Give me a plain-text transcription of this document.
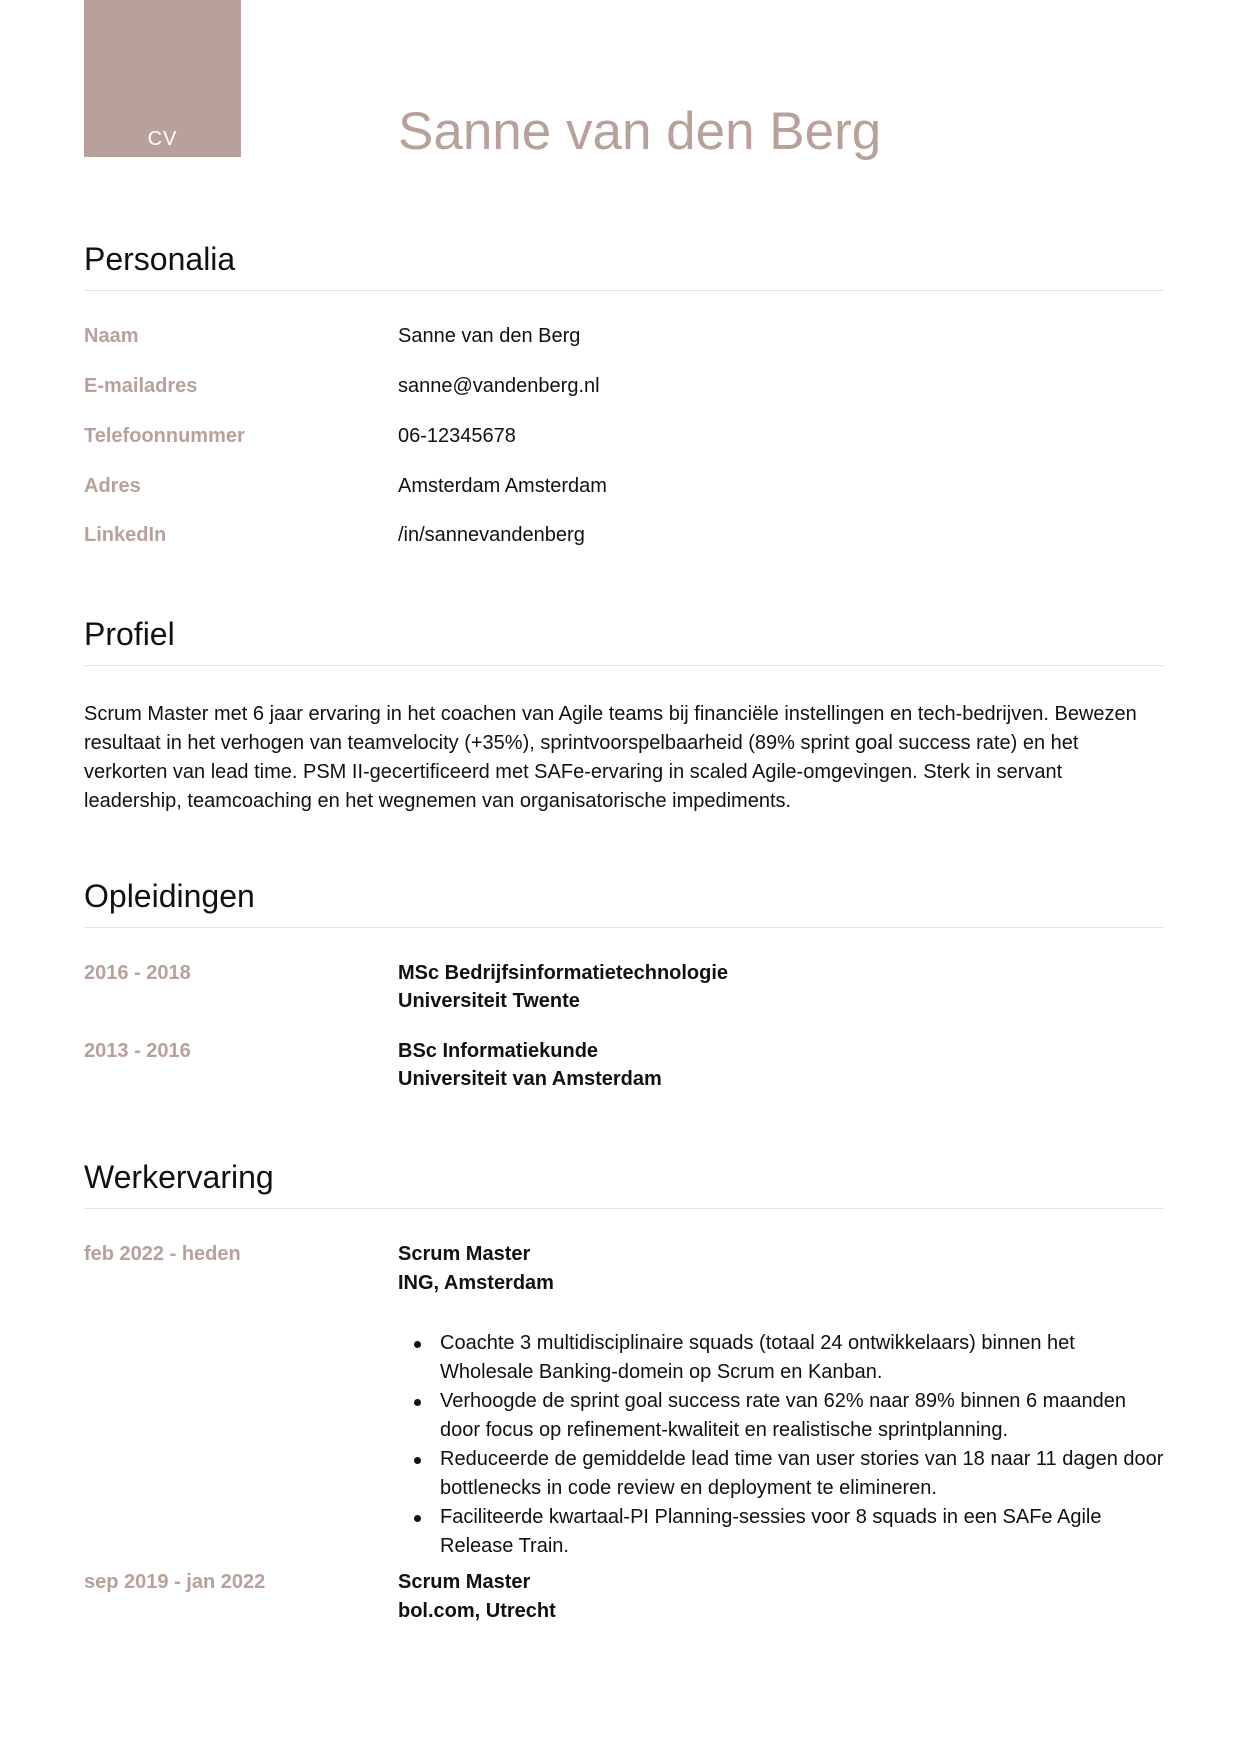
CV	Sanne van den Berg
Personalia
Naam	Sanne van den Berg
E-mailadres	sanne@vandenberg.nl
Telefoonnummer	06-12345678
Adres	Amsterdam Amsterdam
LinkedIn	/in/sannevandenberg
Profiel

Scrum Master met 6 jaar ervaring in het coachen van Agile teams bij financiële instellingen en tech-bedrijven. Bewezen resultaat in het verhogen van teamvelocity (+35%), sprintvoorspelbaarheid (89% sprint goal success rate) en het verkorten van lead time. PSM II-gecertificeerd met SAFe-ervaring in scaled Agile-omgevingen. Sterk in servant leadership, teamcoaching en het wegnemen van organisatorische impediments.

Opleidingen
2016 - 2018	MSc Bedrijfsinformatietechnologie
Universiteit Twente
2013 - 2016	BSc Informatiekunde
Universiteit van Amsterdam
Werkervaring
feb 2022 - heden	Scrum Master
ING, Amsterdam
Coachte 3 multidisciplinaire squads (totaal 24 ontwikkelaars) binnen het Wholesale Banking-domein op Scrum en Kanban.
Verhoogde de sprint goal success rate van 62% naar 89% binnen 6 maanden door focus op refinement-kwaliteit en realistische sprintplanning.
Reduceerde de gemiddelde lead time van user stories van 18 naar 11 dagen door bottlenecks in code review en deployment te elimineren.
Faciliteerde kwartaal-PI Planning-sessies voor 8 squads in een SAFe Agile Release Train.
sep 2019 - jan 2022	Scrum Master
bol.com, Utrecht
